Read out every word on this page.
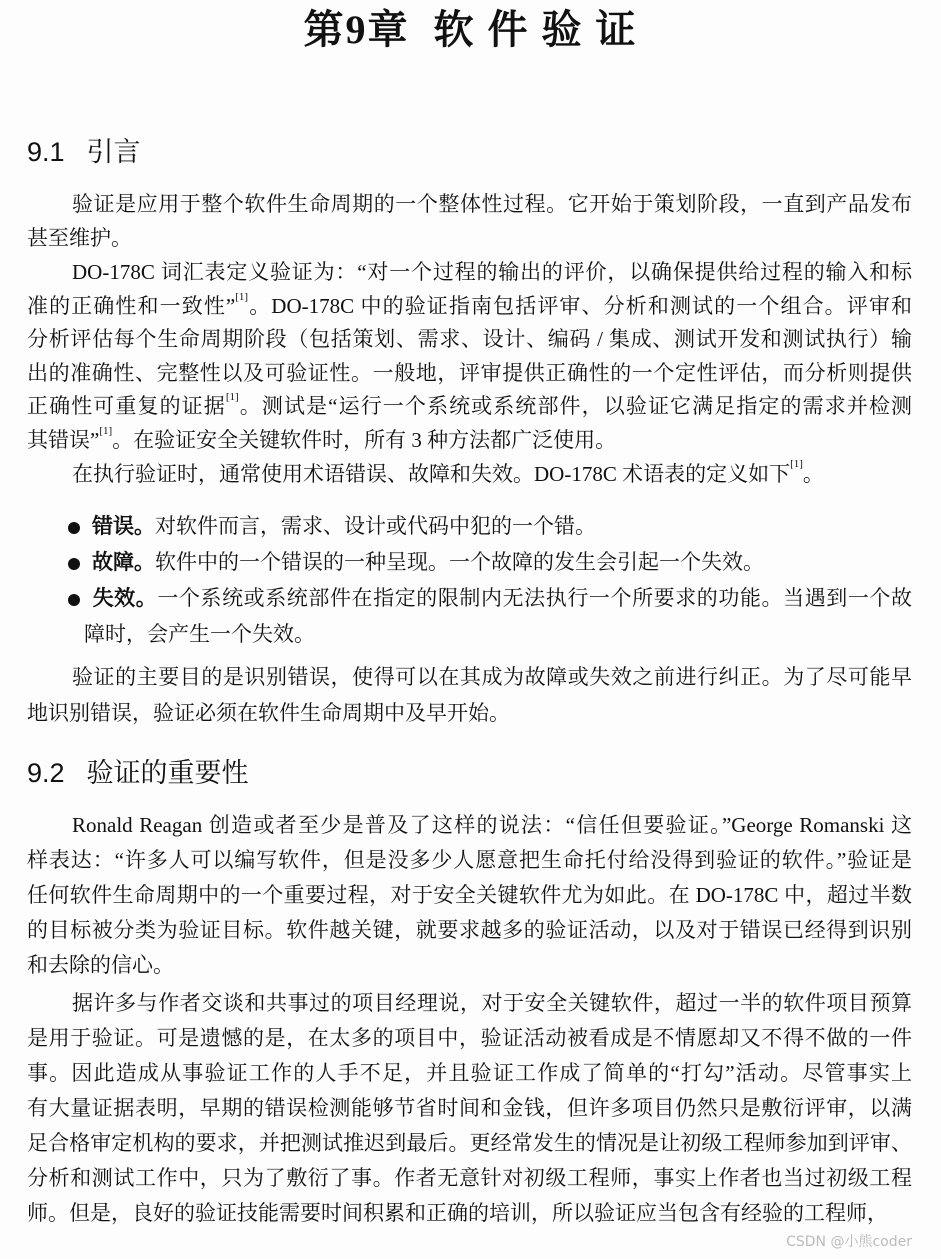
第9章  软 件 验 证
9.1 引言
验证是应用于整个软件生命周期的一个整体性过程。它开始于策划阶段，一直到产品发布
甚至维护。
DO-178C 词汇表定义验证为：“对一个过程的输出的评价，以确保提供给过程的输入和标
准的正确性和一致性”[1]。DO-178C 中的验证指南包括评审、分析和测试的一个组合。评审和
分析评估每个生命周期阶段（包括策划、需求、设计、编码 / 集成、测试开发和测试执行）输
出的准确性、完整性以及可验证性。一般地，评审提供正确性的一个定性评估，而分析则提供
正确性可重复的证据[1]。测试是“运行一个系统或系统部件，以验证它满足指定的需求并检测
其错误”[1]。在验证安全关键软件时，所有 3 种方法都广泛使用。
在执行验证时，通常使用术语错误、故障和失效。DO-178C 术语表的定义如下[1]。
错误。对软件而言，需求、设计或代码中犯的一个错。
故障。软件中的一个错误的一种呈现。一个故障的发生会引起一个失效。
失效。一个系统或系统部件在指定的限制内无法执行一个所要求的功能。当遇到一个故
障时，会产生一个失效。
验证的主要目的是识别错误，使得可以在其成为故障或失效之前进行纠正。为了尽可能早
地识别错误，验证必须在软件生命周期中及早开始。
9.2 验证的重要性
Ronald Reagan 创造或者至少是普及了这样的说法：“信任但要验证。”George Romanski 这
样表达：“许多人可以编写软件，但是没多少人愿意把生命托付给没得到验证的软件。”验证是
任何软件生命周期中的一个重要过程，对于安全关键软件尤为如此。在 DO-178C 中，超过半数
的目标被分类为验证目标。软件越关键，就要求越多的验证活动，以及对于错误已经得到识别
和去除的信心。
据许多与作者交谈和共事过的项目经理说，对于安全关键软件，超过一半的软件项目预算
是用于验证。可是遗憾的是，在太多的项目中，验证活动被看成是不情愿却又不得不做的一件
事。因此造成从事验证工作的人手不足，并且验证工作成了简单的“打勾”活动。尽管事实上
有大量证据表明，早期的错误检测能够节省时间和金钱，但许多项目仍然只是敷衍评审，以满
足合格审定机构的要求，并把测试推迟到最后。更经常发生的情况是让初级工程师参加到评审、
分析和测试工作中，只为了敷衍了事。作者无意针对初级工程师，事实上作者也当过初级工程
师。但是，良好的验证技能需要时间积累和正确的培训，所以验证应当包含有经验的工程师，
CSDN @小熊coder
